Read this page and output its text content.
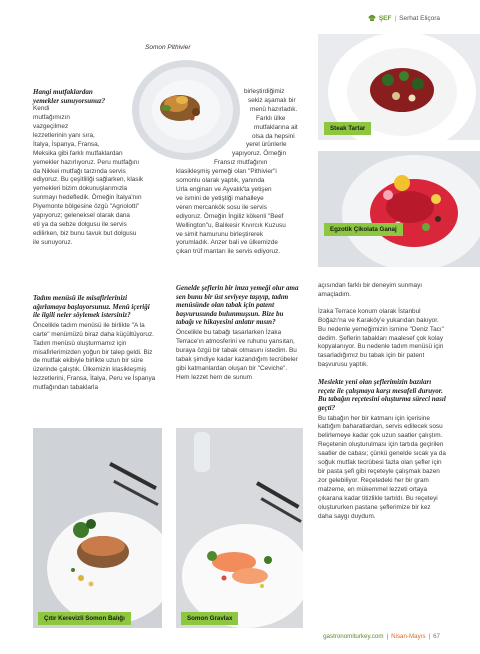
ŞEF | Serhat Eliçora
Somon Pithivier
Steak Tartar
Egzotik Çikolata Ganaj

Hangi mutfaklardan yemekler sunuyorsunuz?

Kendi
mutfağımızın
vazgeçilmez
lezzetlerinin yanı sıra,
İtalya, İspanya, Fransa,
Meksika gibi farklı mutfaklardan
yemekler hazırlıyoruz. Peru mutfağını
da Nikkei mutfağı tarzında servis
ediyoruz. Bu çeşitliliği sağlarken, klasik
yemekleri bizim dokunuşlarımızla
sunmayı hedefledik. Örneğin İtalya'nın
Piyemonte bölgesine özgü "Agnolotti"
yapıyoruz; geleneksel olarak dana
eti ya da sebze dolgusu ile servis
edilirken, biz bunu tavuk but dolgusu
ile sunuyoruz.

Tadım menüsü ile misafirlerinizi ağırlamaya başlayorsunuz. Menü içeriği ile ilgili neler söylemek istersiniz?

Öncelikle tadım menüsü ile birlikte "A la carte" menümüzü biraz daha küçültüyoruz. Tadım menüsü oluşturmamız için misafirlerimizden yoğun bir talep geldi. Biz de mutfak ekibiyle birlikte uzun bir süre üzerinde çalıştık. Ülkemizin klasikleşmiş lezzetlerini, Fransa, İtalya, Peru ve İspanya mutfağından tabaklarla

birleştirdiğimiz
sekiz aşamalı bir
menü hazırladık.
Farklı ülke
mutfaklarına ait
olsa da hepsini
yerel ürünlerle
yapıyoruz. Örneğin
Fransız mutfağının
klasikleşmiş yemeği olan "Pithivier"i
somonlu olarak yaptık, yanında
Urla enginarı ve Ayvalık'ta yetişen
ve ismini de yetiştiği mahalleye
veren mercankök sosu ile servis
ediyoruz. Örneğin İngiliz kökenli "Beef
Wellington"u, Balıkesir Kıvırcık Kuzusu
ve simit hamurunu birleştirerek
yorumladık. Anzer bali ve ülkemizde
çıkan trüf mantarı ile servis ediyoruz.

Genelde şeflerin bir imza yemeği olur ama sen bunu bir üst seviyeye taşıyıp, tadım menüsünde olan tabak için patent başvurusunda bulunmuşsun. Bize bu tabağı ve hikayesini anlatır mısın?

Öncelikle bu tabağı tasarlarken İzaka Terrace'ın atmosferini ve ruhunu yansıtan, buraya özgü bir tabak olmasını istedim. Bu tabak şimdiye kadar kazandığım tecrübeler gibi katmanlardan oluşan bir "Ceviche". Hem lezzet hem de sunum

açısından farklı bir deneyim sunmayı amaçladım.

İzaka Terrace konum olarak İstanbul Boğazı'na ve Karaköy'e yukarıdan bakıyor. Bu nedenle yemeğimizin ismine "Deniz Tacı" dedim. Şeflerin tabakları maalesef çok kolay kopyalanıyor. Bu nedenle tadım menüsü için tasarladığımız bu tabak için bir patent başvurusu yaptık.

Meslekte yeni olan şeflerimizin bazıları reçete ile çalışmaya karşı mesafeli duruyor. Bu tabağın reçetesini oluşturma süreci nasıl geçti?

Bu tabağın her bir katmanı için içerisine kattığım baharatlardan, servis edilecek sosu belirlemeye kadar çok uzun saatler çalıştım. Reçetenin oluşturulması için tartıda geçirilen saatler de cabası; çünkü genelde sıcak ya da soğuk mutfak tecrübesi fazla olan şefler için bir pasta şefi gibi reçeteyle çalışmak bazen zor gelebiliyor. Reçetedeki her bir gram malzeme, en mükemmel lezzeti ortaya çıkarana kadar titizlikle tartıldı. Bu reçeteyi oluştururken pastane şeflerimize bir kez daha saygı duydum.

Çıtır Kerevizli Somon Balığı	Somon Gravlax
gastronomiturkey.com | Nisan-Mayıs | 67
